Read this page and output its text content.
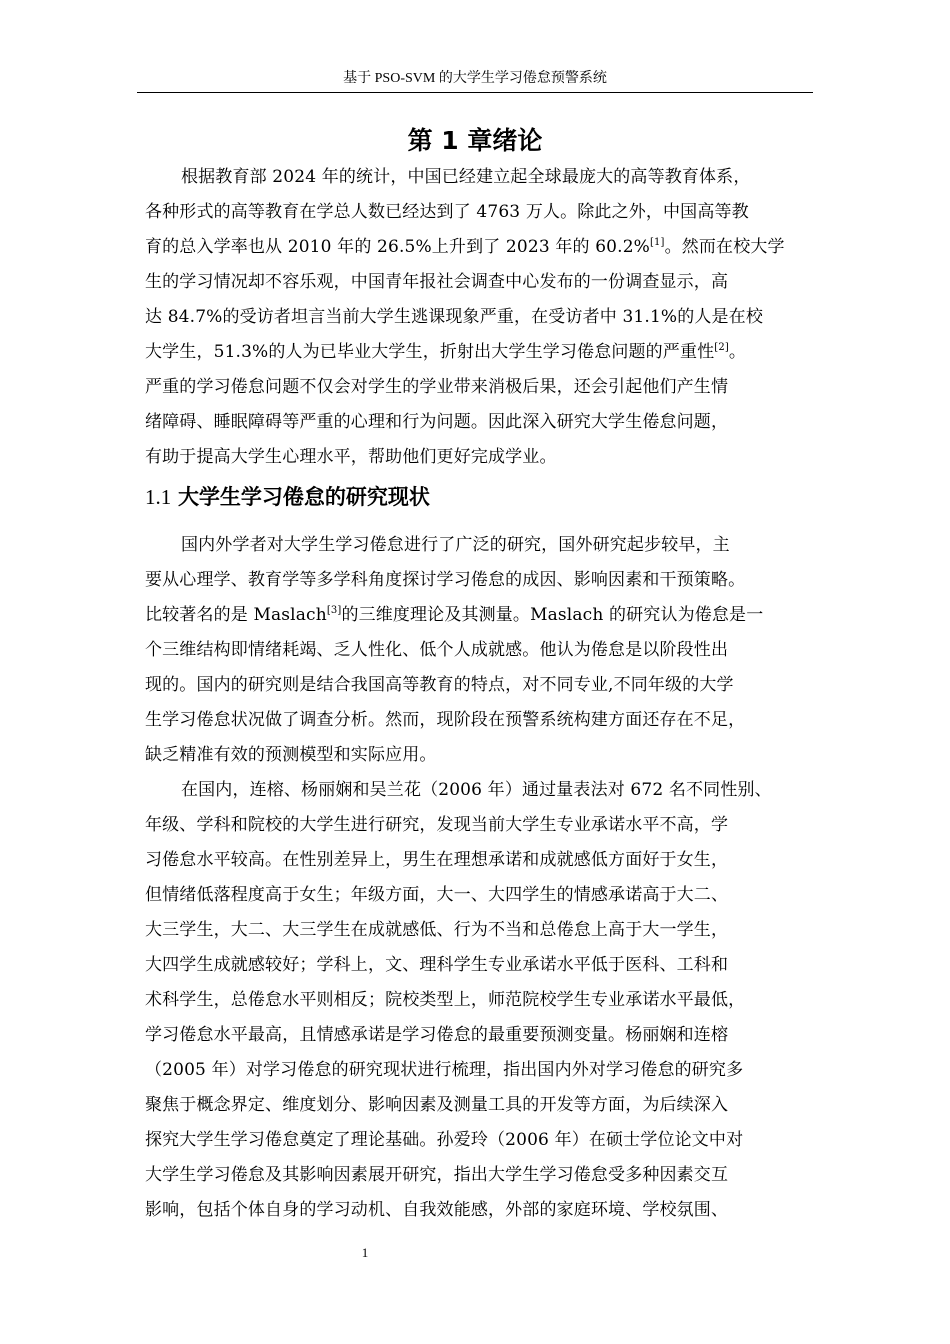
基于 PSO-SVM 的大学生学习倦怠预警系统
第 1 章绪论
根据教育部 2024 年的统计，中国已经建立起全球最庞大的高等教育体系，
各种形式的高等教育在学总人数已经达到了 4763 万人。除此之外，中国高等教
育的总入学率也从 2010 年的 26.5%上升到了 2023 年的 60.2%[1]。然而在校大学
生的学习情况却不容乐观，中国青年报社会调查中心发布的一份调查显示，高
达 84.7%的受访者坦言当前大学生逃课现象严重，在受访者中 31.1%的人是在校
大学生，51.3%的人为已毕业大学生，折射出大学生学习倦怠问题的严重性[2]。
严重的学习倦怠问题不仅会对学生的学业带来消极后果，还会引起他们产生情
绪障碍、睡眠障碍等严重的心理和行为问题。因此深入研究大学生倦怠问题，
有助于提高大学生心理水平，帮助他们更好完成学业。
1.1 大学生学习倦怠的研究现状
国内外学者对大学生学习倦怠进行了广泛的研究，国外研究起步较早，主
要从心理学、教育学等多学科角度探讨学习倦怠的成因、影响因素和干预策略。
比较著名的是 Maslach[3]的三维度理论及其测量。Maslach 的研究认为倦怠是一
个三维结构即情绪耗竭、乏人性化、低个人成就感。他认为倦怠是以阶段性出
现的。国内的研究则是结合我国高等教育的特点，对不同专业,不同年级的大学
生学习倦怠状况做了调查分析。然而，现阶段在预警系统构建方面还存在不足，
缺乏精准有效的预测模型和实际应用。
在国内，连榕、杨丽娴和吴兰花（2006 年）通过量表法对 672 名不同性别、
年级、学科和院校的大学生进行研究，发现当前大学生专业承诺水平不高，学
习倦怠水平较高。在性别差异上，男生在理想承诺和成就感低方面好于女生，
但情绪低落程度高于女生；年级方面，大一、大四学生的情感承诺高于大二、
大三学生，大二、大三学生在成就感低、行为不当和总倦怠上高于大一学生，
大四学生成就感较好；学科上，文、理科学生专业承诺水平低于医科、工科和
术科学生，总倦怠水平则相反；院校类型上，师范院校学生专业承诺水平最低，
学习倦怠水平最高，且情感承诺是学习倦怠的最重要预测变量。杨丽娴和连榕
（2005 年）对学习倦怠的研究现状进行梳理，指出国内外对学习倦怠的研究多
聚焦于概念界定、维度划分、影响因素及测量工具的开发等方面，为后续深入
探究大学生学习倦怠奠定了理论基础。孙爱玲（2006 年）在硕士学位论文中对
大学生学习倦怠及其影响因素展开研究，指出大学生学习倦怠受多种因素交互
影响，包括个体自身的学习动机、自我效能感，外部的家庭环境、学校氛围、
1
